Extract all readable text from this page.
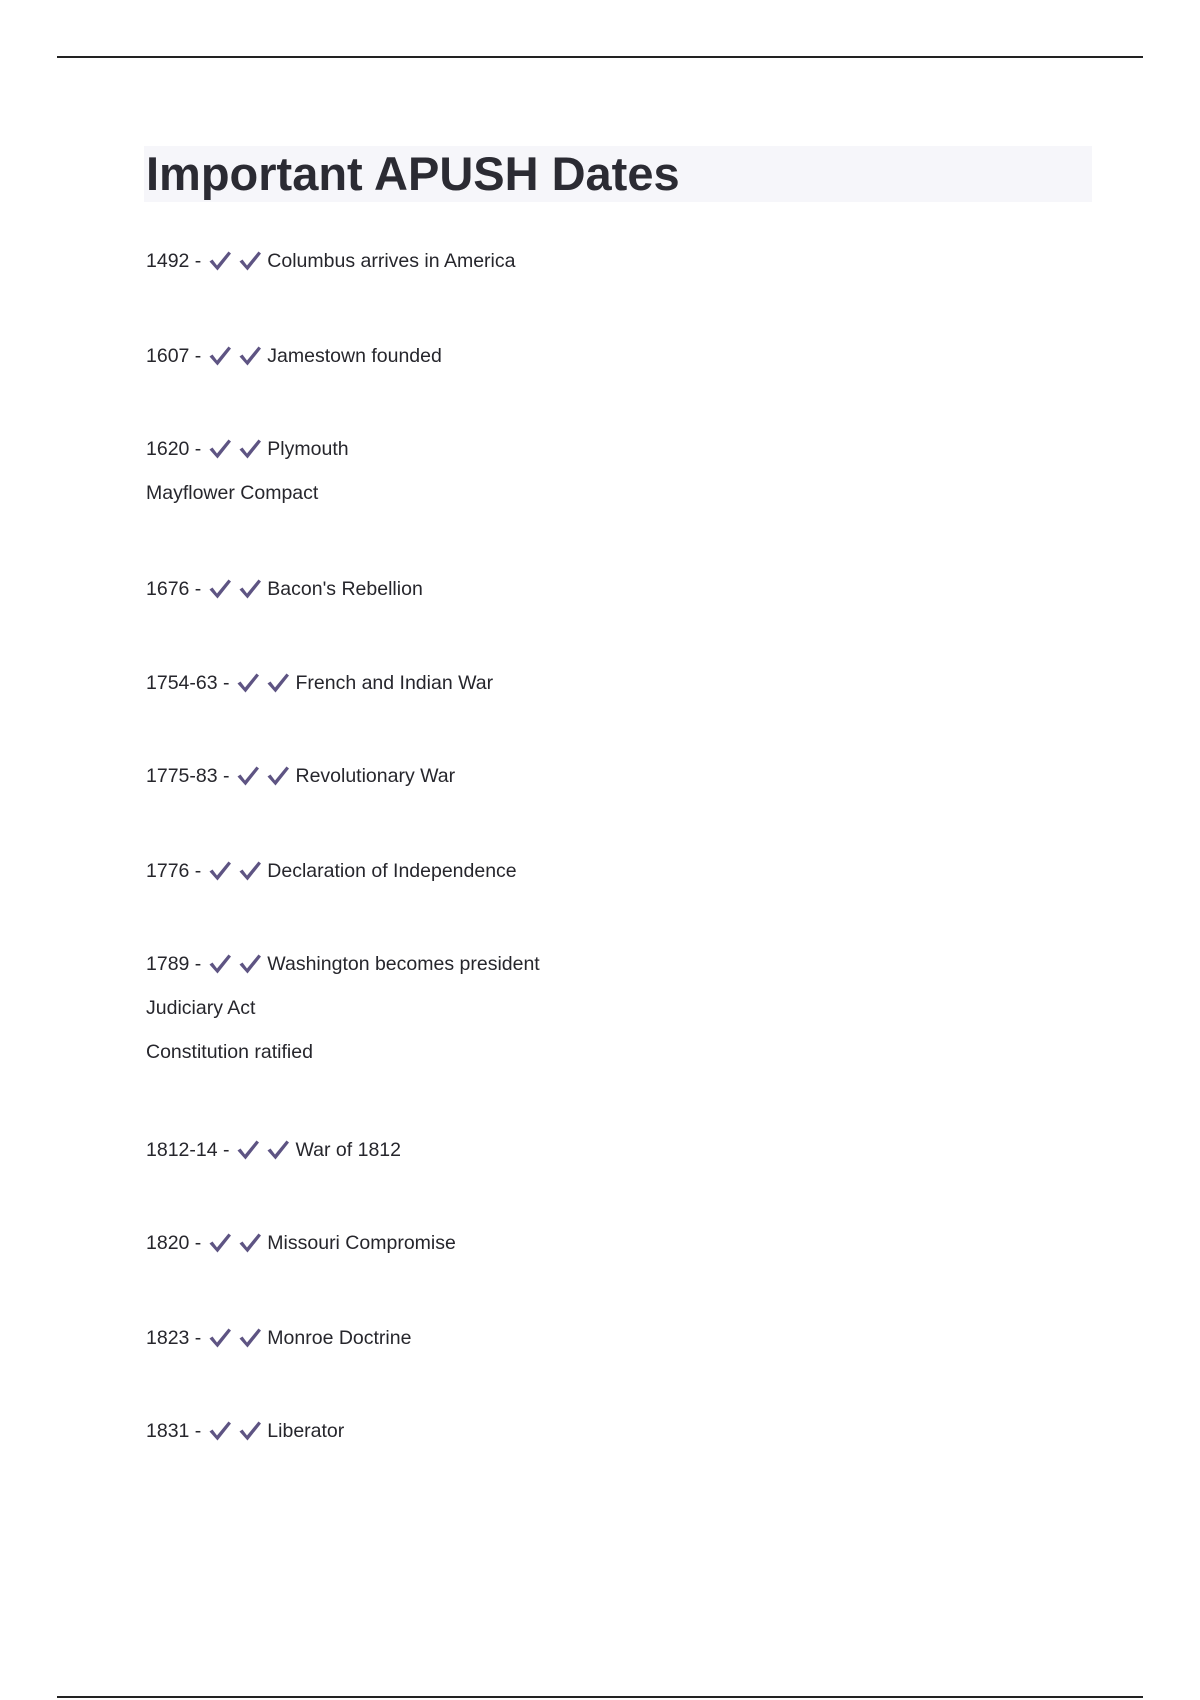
Important APUSH Dates
1492 -	Columbus arrives in America
1607 -	Jamestown founded
1620 -	Plymouth
Mayflower Compact
1676 -	Bacon's Rebellion
1754-63 -	French and Indian War
1775-83 -	Revolutionary War
1776 -	Declaration of Independence
1789 -	Washington becomes president
Judiciary Act
Constitution ratified
1812-14 -	War of 1812
1820 -	Missouri Compromise
1823 -	Monroe Doctrine
1831 -	Liberator
